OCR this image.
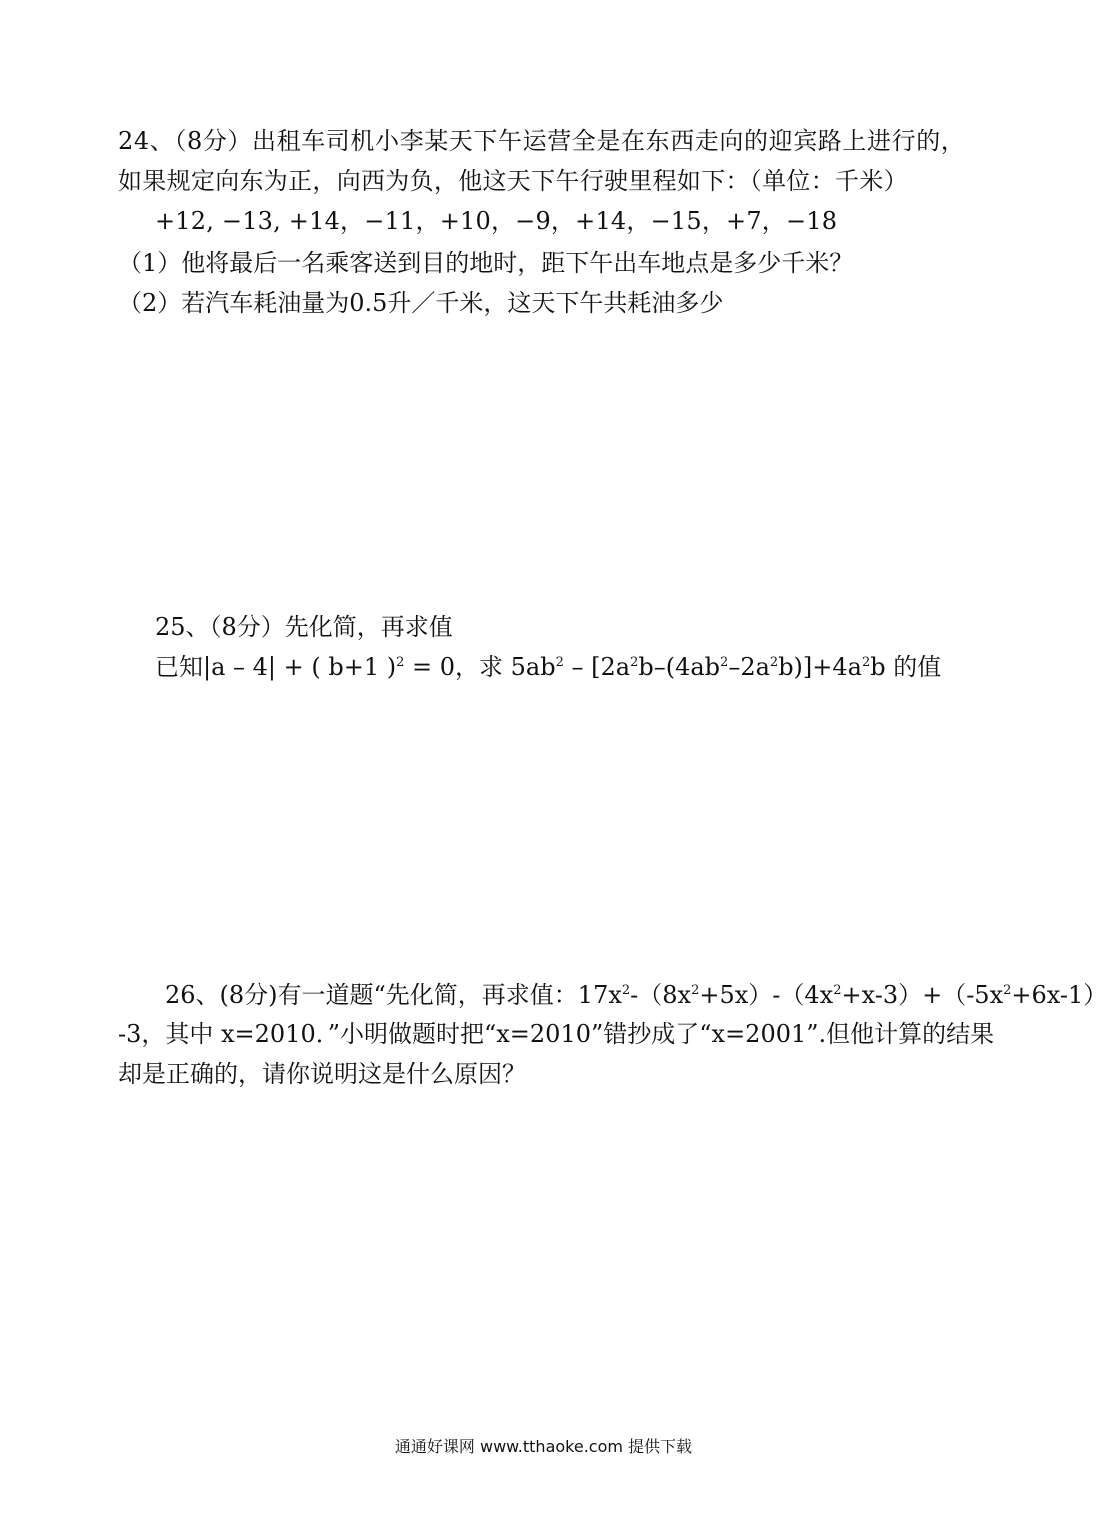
24、（8分）出租车司机小李某天下午运营全是在东西走向的迎宾路上进行的，
如果规定向东为正，向西为负，他这天下午行驶里程如下：（单位：千米）
+12, −13, +14，−11，+10，−9，+14，−15，+7，−18
（1）他将最后一名乘客送到目的地时，距下午出车地点是多少千米？
（2）若汽车耗油量为0.5升／千米，这天下午共耗油多少
25、（8分）先化简，再求值
已知|a – 4| + ( b+1 )$^2$ = 0，求 $5ab^2 - [2a^2b-(4ab^2-2a^2b)]+4a^2b$ 的值
26、(8分)有一道题“先化简，再求值：$17x^2-(8x^2+5x)-(4x^2+x-3)+(-5x^2+6x-1)$
-3，其中 x=2010．”小明做题时把“x=2010”错抄成了“x=2001”.但他计算的结果
却是正确的，请你说明这是什么原因？
通通好课网 www.tthaoke.com 提供下载
